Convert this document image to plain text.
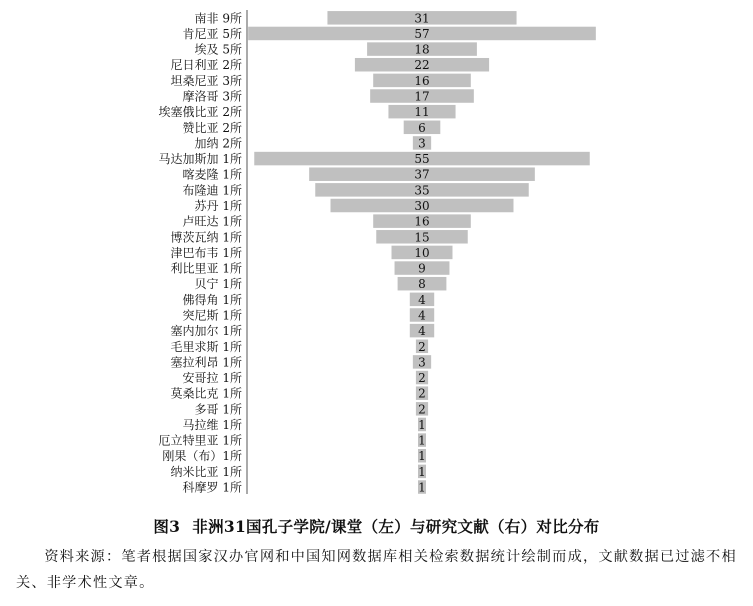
南非 9所
肯尼亚 5所
埃及 5所
尼日利亚 2所
坦桑尼亚 3所
摩洛哥 3所
埃塞俄比亚 2所
赞比亚 2所
加纳 2所
马达加斯加 1所
喀麦隆 1所
布隆迪 1所
苏丹 1所
卢旺达 1所
博茨瓦纳 1所
津巴布韦 1所
利比里亚 1所
贝宁 1所
佛得角 1所
突尼斯 1所
塞内加尔 1所
毛里求斯 1所
塞拉利昂 1所
安哥拉 1所
莫桑比克 1所
多哥 1所
马拉维 1所
厄立特里亚 1所
刚果（布）1所
纳米比亚 1所
科摩罗 1所
31
57
18
22
16
17
11
6
3
55
37
35
30
16
15
10
9
8
4
4
4
2
3
2
2
2
1
1
1
1
1
图3 非洲31国孔子学院/课堂（左）与研究文献（右）对比分布
资料来源：笔者根据国家汉办官网和中国知网数据库相关检索数据统计绘制而成，文献数据已过滤不相关、非学术性文章。
